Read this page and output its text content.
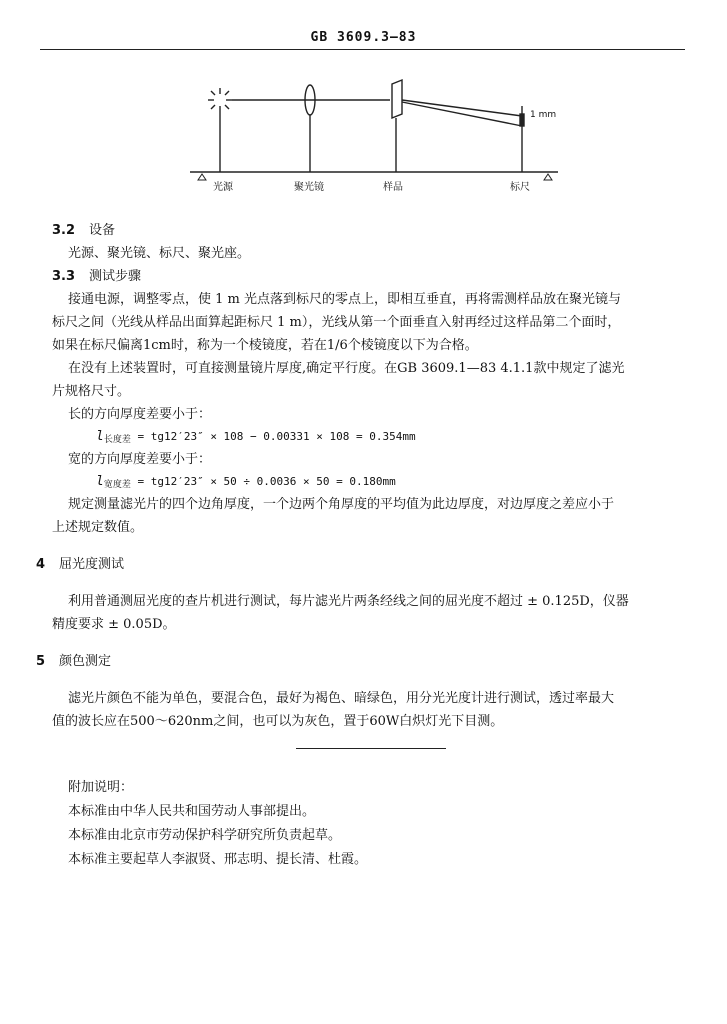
GB 3609.3—83
1 mm
光源	聚光镜	样品	标尺
3.2 设备
光源、聚光镜、标尺、聚光座。
3.3 测试步骤
接通电源，调整零点，使 1 m 光点落到标尺的零点上，即相互垂直，再将需测样品放在聚光镜与
标尺之间（光线从样品出面算起距标尺 1 m），光线从第一个面垂直入射再经过这样品第二个面时，
如果在标尺偏离1cm时，称为一个棱镜度，若在1/6个棱镜度以下为合格。
在没有上述装置时，可直接测量镜片厚度,确定平行度。在GB 3609.1—83 4.1.1款中规定了滤光
片规格尺寸。
长的方向厚度差要小于：
$l_{长度差} = tg12'23'' \times 108 - 0.00331 \times 108 = 0.354mm$
宽的方向厚度差要小于：
$l_{宽度差} = tg12'23'' \times 50 \div 0.0036 \times 50 = 0.180mm$
规定测量滤光片的四个边角厚度，一个边两个角厚度的平均值为此边厚度，对边厚度之差应小于
上述规定数值。
4 屈光度测试
利用普通测屈光度的查片机进行测试，每片滤光片两条经线之间的屈光度不超过 ± 0.125D，仪器
精度要求 ± 0.05D。
5 颜色测定
滤光片颜色不能为单色，要混合色，最好为褐色、暗绿色，用分光光度计进行测试，透过率最大
值的波长应在500～620nm之间，也可以为灰色，置于60W白炽灯光下目测。
附加说明：
本标准由中华人民共和国劳动人事部提出。
本标准由北京市劳动保护科学研究所负责起草。
本标准主要起草人李淑贤、邢志明、提长清、杜霞。
